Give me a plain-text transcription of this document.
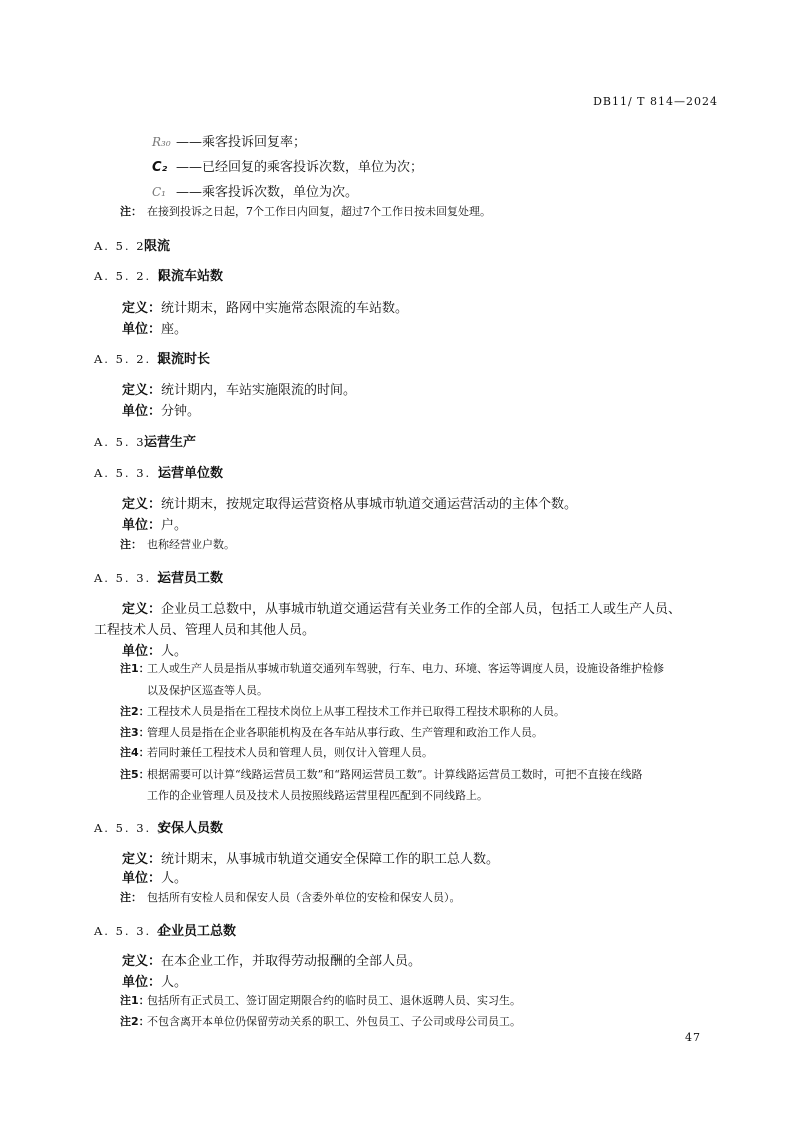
DB11/ T 814—2024
R₃₀ ——乘客投诉回复率；
C₂ ——已经回复的乘客投诉次数，单位为次；
C₁ ——乘客投诉次数，单位为次。
注： 在接到投诉之日起，7个工作日内回复，超过7个工作日按未回复处理。
A. 5. 2限流
A. 5. 2. 1限流车站数
定义：统计期末，路网中实施常态限流的车站数。
单位：座。
A. 5. 2. 2限流时长
定义：统计期内，车站实施限流的时间。
单位：分钟。
A. 5. 3运营生产
A. 5. 3. 1运营单位数
定义：统计期末，按规定取得运营资格从事城市轨道交通运营活动的主体个数。
单位：户。
注： 也称经营业户数。
A. 5. 3. 2运营员工数
定义：企业员工总数中，从事城市轨道交通运营有关业务工作的全部人员，包括工人或生产人员、
工程技术人员、管理人员和其他人员。
单位：人。
注1：工人或生产人员是指从事城市轨道交通列车驾驶，行车、电力、环境、客运等调度人员，设施设备维护检修
以及保护区巡查等人员。
注2：工程技术人员是指在工程技术岗位上从事工程技术工作并已取得工程技术职称的人员。
注3：管理人员是指在企业各职能机构及在各车站从事行政、生产管理和政治工作人员。
注4：若同时兼任工程技术人员和管理人员，则仅计入管理人员。
注5：根据需要可以计算“线路运营员工数”和“路网运营员工数”。计算线路运营员工数时，可把不直接在线路
工作的企业管理人员及技术人员按照线路运营里程匹配到不同线路上。
A. 5. 3. 3安保人员数
定义：统计期末，从事城市轨道交通安全保障工作的职工总人数。
单位：人。
注： 包括所有安检人员和保安人员（含委外单位的安检和保安人员）。
A. 5. 3. 4企业员工总数
定义：在本企业工作，并取得劳动报酬的全部人员。
单位：人。
注1：包括所有正式员工、签订固定期限合约的临时员工、退休返聘人员、实习生。
注2：不包含离开本单位仍保留劳动关系的职工、外包员工、子公司或母公司员工。
47
